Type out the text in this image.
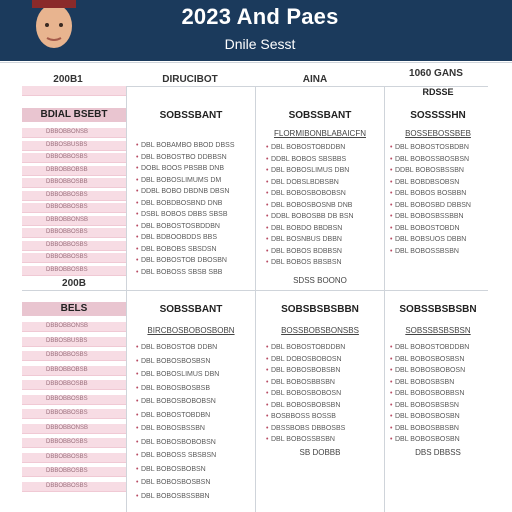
2023 And Paes
Dnile Sesst
200B1	DIRUCIBOT	AINA
1060 GANS
BDIAL BSEBT
DBBOBBONSB
DBBOSBUSBS
DBBOBBOSBS
DBBOBBOBSB
DBBOBBOSBB
DBBOBBOSBS
DBBOBBOSBS
DBBOBBONSB
DBBOBBOSBS
DBBOBBOSBS
DBBOBBOSBS
DBBOBBOSBS
200B
BELS
DBBOBBONSB
DBBOSBUSBS
DBBOBBOSBS
DBBOBBOBSB
DBBOBBOSBB
DBBOBBOSBS
DBBOBBOSBS
DBBOBBONSB
DBBOBBOSBS
DBBOBBOSBS
DBBOBBOSBS
DBBOBBOSBS
SOBSSBANT
• DBL BOBAMBO BBOD DBSS
• DBL BOBOSTBO DDBBSN
• DOBL BOOS PBSBB DNB
• DBL BOBOSLIMUMS DM
• DDBL BOBO DBDNB DBSN
• DBL BOBDBOSBND DNB
• DSBL BOBOS DBBS SBSB
• DBL BOBOSTOSBDDBN
• DBL BDBOOBDDS BBS
• DBL BOBOBS SBSDSN
• DBL BOBOSTOB DBOSBN
• DBL BOBOSS SBSB SBB
SOBSSBANT
FLORMIBONBLABAICFN
• DBL BOBOSTOBDDBN
• DDBL BOBOS SBSBBS
• DBL BOBOSLIMUS DBN
• DBL DOBSLBDBSBN
• DBL BOBOSBOBOBSN
• DBL BOBOSBOSNB DNB
• DDBL BOBOSBB DB BSN
• DBL BOBDO BBDBSN
• DBL BOSNBUS DBBN
• DBL BOBOS BDBBSN
• DBL BOBOS BBSBSN
SDSS BOONO
RDSSE
SOSSSSHN
BOSSEBOSSBEB
• DBL BOBOSTOSBDBN
• DBL BOBOSSBOSBSN
• DDBL BOBOSBSSBN
• DBL BOBDBSOBSN
• DBL BOBOS BOSBBN
• DBL BOBOSBD DBBSN
• DBL BOBOSBSSBBN
• DBL BOBOSTOBDN
• DBL BOBSUOS DBBN
• DBL BOBOSSBSBN
SOBSSBANT
BIRCBOSBOBOSBOBN
• DBL BOBOSTOB DDBN
• DBL BOBOSBOSBSN
• DBL BOBOSLIMUS DBN
• DBL BOBOSBOSBSB
• DBL BOBOSBOBOBSN
• DBL BOBOSTOBDBN
• DBL BOBOSBSSBN
• DBL BOBOSBOBOBSN
• DBL BOBOSS SBSBSN
• DBL BOBOSBOBSN
• DBL BOBOSBOSBSN
• DBL BOBOSBSSBBN
SOBSBSBSBBN
BOSSBOBSBONSBS
• DBL BOBOSTOBDDBN
• DBL DOBOSBOBOSN
• DBL BOBOSBOBSBN
• DBL BOBOSBBSBN
• DBL BOBOSBOBOSN
• DBL BOBOSBOBSBN
• BOSBBOSS BOSSB
• DBSSBOBS DBBOSBS
• DBL BOBOSSBSBN
SB DOBBB
SOBSSBSBSBN
SOBSSBSBSBSN
• DBL BOBOSTOBDDBN
• DBL BOBOSBOSBSN
• DBL BOBOSBOBOSN
• DBL BOBOSBSBN
• DBL BOBOSBOBBSN
• DBL BOBOSBSBSN
• DBL BOBOSBOSBN
• DBL BOBOSBBSBN
• DBL BOBOSBOSBN
DBS DBBSS
